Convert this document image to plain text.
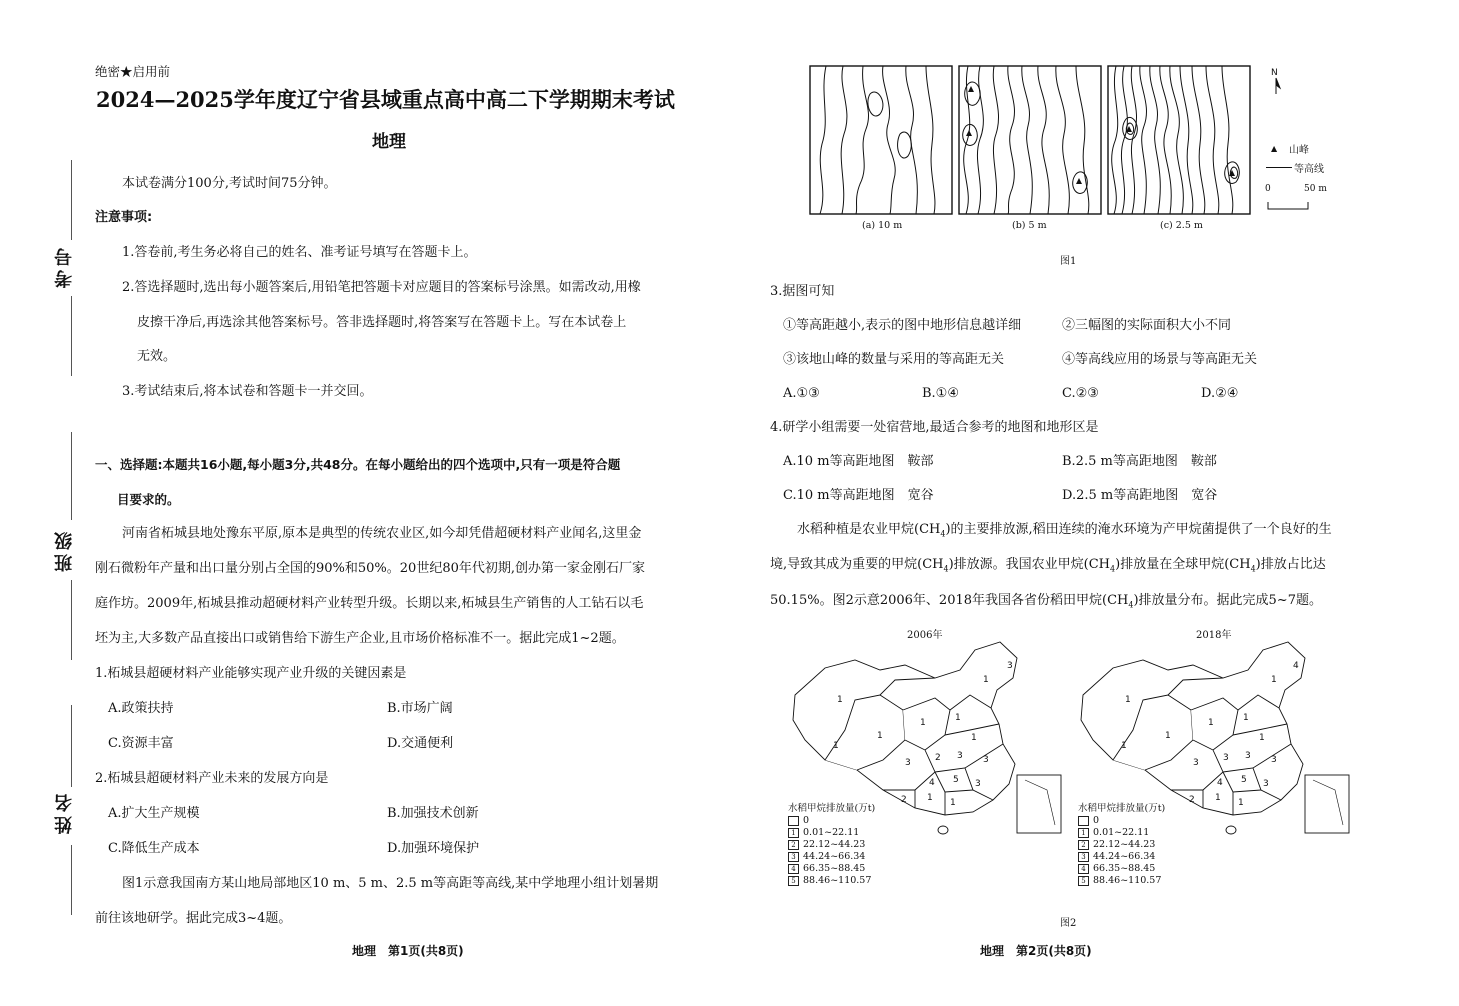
考号
班级
姓名
绝密★启用前
2024—2025学年度辽宁省县域重点高中高二下学期期末考试
地理
本试卷满分100分,考试时间75分钟。
注意事项:
1.答卷前,考生务必将自己的姓名、准考证号填写在答题卡上。
2.答选择题时,选出每小题答案后,用铅笔把答题卡对应题目的答案标号涂黑。如需改动,用橡
皮擦干净后,再选涂其他答案标号。答非选择题时,将答案写在答题卡上。写在本试卷上
无效。
3.考试结束后,将本试卷和答题卡一并交回。
一、选择题:本题共16小题,每小题3分,共48分。在每小题给出的四个选项中,只有一项是符合题
目要求的。
河南省柘城县地处豫东平原,原本是典型的传统农业区,如今却凭借超硬材料产业闻名,这里金
刚石微粉年产量和出口量分别占全国的90%和50%。20世纪80年代初期,创办第一家金刚石厂家
庭作坊。2009年,柘城县推动超硬材料产业转型升级。长期以来,柘城县生产销售的人工钻石以毛
坯为主,大多数产品直接出口或销售给下游生产企业,且市场价格标准不一。据此完成1~2题。
1.柘城县超硬材料产业能够实现产业升级的关键因素是
A.政策扶持	B.市场广阔
C.资源丰富	D.交通便利
2.柘城县超硬材料产业未来的发展方向是
A.扩大生产规模	B.加强技术创新
C.降低生产成本	D.加强环境保护
图1示意我国南方某山地局部地区10 m、5 m、2.5 m等高距等高线,某中学地理小组计划暑期
前往该地研学。据此完成3~4题。
地理　第1页(共8页)
N
▲ 山峰
等高线
0	50 m
(a) 10 m	(b) 5 m	(c) 2.5 m
图1
3.据图可知
①等高距越小,表示的图中地形信息越详细	②三幅图的实际面积大小不同
③该地山峰的数量与采用的等高距无关	④等高线应用的场景与等高距无关
A.①③	B.①④	C.②③	D.②④
4.研学小组需要一处宿营地,最适合参考的地图和地形区是
A.10 m等高距地图　鞍部	B.2.5 m等高距地图　鞍部
C.10 m等高距地图　宽谷	D.2.5 m等高距地图　宽谷
水稻种植是农业甲烷$(CH_4)$的主要排放源,稻田连续的淹水环境为产甲烷菌提供了一个良好的生
境,导致其成为重要的甲烷$(CH_4)$排放源。我国农业甲烷$(CH_4)$排放量在全球甲烷$(CH_4)$排放占比达
50.15%。图2示意2006年、2018年我国各省份稻田甲烷$(CH_4)$排放量分布。据此完成5~7题。
2006年	2018年
1
1
1
1	1
3
1
1
3	2 3 3
5
4	3
2 1 1
1
1
1
1	1
4
1
1
3	3 3 3
5
4	3
2 1 1
水稻甲烷排放量(万t)
0
1 0.01~22.11
2 22.12~44.23
3 44.24~66.34
4 66.35~88.45
5 88.46~110.57
水稻甲烷排放量(万t)
0
1 0.01~22.11
2 22.12~44.23
3 44.24~66.34
4 66.35~88.45
5 88.46~110.57
图2
地理　第2页(共8页)
